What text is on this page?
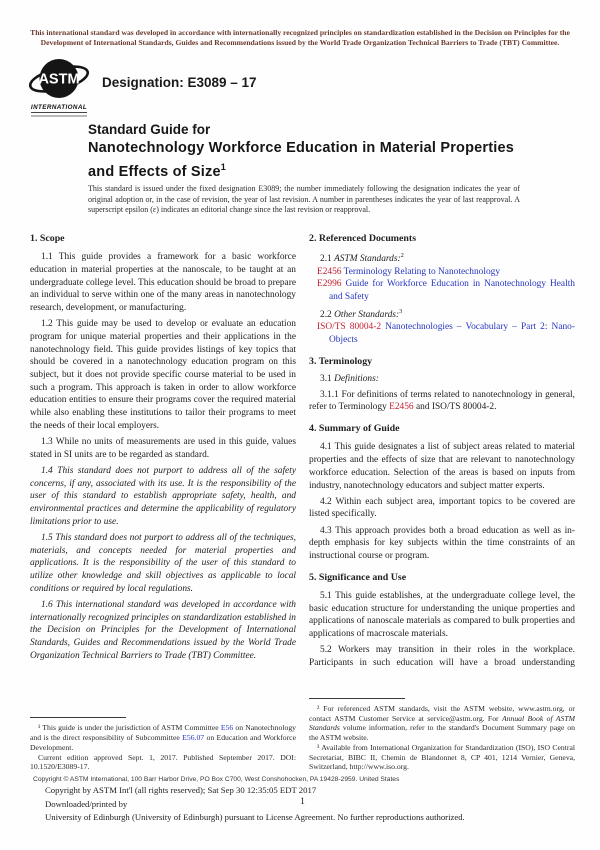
This international standard was developed in accordance with internationally recognized principles on standardization established in the Decision on Principles for the Development of International Standards, Guides and Recommendations issued by the World Trade Organization Technical Barriers to Trade (TBT) Committee.
ASTM
INTERNATIONAL
Designation: E3089 – 17
Standard Guide for
Nanotechnology Workforce Education in Material Properties and Effects of Size$^1$
This standard is issued under the fixed designation E3089; the number immediately following the designation indicates the year of original adoption or, in the case of revision, the year of last revision. A number in parentheses indicates the year of last reapproval. A superscript epsilon (ε) indicates an editorial change since the last revision or reapproval.
1. Scope
1.1 This guide provides a framework for a basic workforce education in material properties at the nanoscale, to be taught at an undergraduate college level. This education should be broad to prepare an individual to serve within one of the many areas in nanotechnology research, development, or manufacturing.
1.2 This guide may be used to develop or evaluate an education program for unique material properties and their applications in the nanotechnology field. This guide provides listings of key topics that should be covered in a nanotechnology education program on this subject, but it does not provide specific course material to be used in such a program. This approach is taken in order to allow workforce education entities to ensure their programs cover the required material while also enabling these institutions to tailor their programs to meet the needs of their local employers.
1.3 While no units of measurements are used in this guide, values stated in SI units are to be regarded as standard.
1.4 This standard does not purport to address all of the safety concerns, if any, associated with its use. It is the responsibility of the user of this standard to establish appropriate safety, health, and environmental practices and determine the applicability of regulatory limitations prior to use.
1.5 This standard does not purport to address all of the techniques, materials, and concepts needed for material properties and applications. It is the responsibility of the user of this standard to utilize other knowledge and skill objectives as applicable to local conditions or required by local regulations.
1.6 This international standard was developed in accordance with internationally recognized principles on standardization established in the Decision on Principles for the Development of International Standards, Guides and Recommendations issued by the World Trade Organization Technical Barriers to Trade (TBT) Committee.
¹ This guide is under the jurisdiction of ASTM Committee E56 on Nanotechnology and is the direct responsibility of Subcommittee E56.07 on Education and Workforce Development.
Current edition approved Sept. 1, 2017. Published September 2017. DOI: 10.1520/E3089-17.
2. Referenced Documents
2.1 ASTM Standards:$^2$
E2456 Terminology Relating to Nanotechnology
E2996 Guide for Workforce Education in Nanotechnology Health and Safety
2.2 Other Standards:$^3$
ISO/TS 80004-2 Nanotechnologies – Vocabulary – Part 2: Nano-Objects
3. Terminology
3.1 Definitions:
3.1.1 For definitions of terms related to nanotechnology in general, refer to Terminology E2456 and ISO/TS 80004-2.
4. Summary of Guide
4.1 This guide designates a list of subject areas related to material properties and the effects of size that are relevant to nanotechnology workforce education. Selection of the areas is based on inputs from industry, nanotechnology educators and subject matter experts.
4.2 Within each subject area, important topics to be covered are listed specifically.
4.3 This approach provides both a broad education as well as in-depth emphasis for key subjects within the time constraints of an instructional course or program.
5. Significance and Use
5.1 This guide establishes, at the undergraduate college level, the basic education structure for understanding the unique properties and applications of nanoscale materials as compared to bulk properties and applications of macroscale materials.
5.2 Workers may transition in their roles in the workplace. Participants in such education will have a broad understanding
² For referenced ASTM standards, visit the ASTM website, www.astm.org, or contact ASTM Customer Service at service@astm.org. For Annual Book of ASTM Standards volume information, refer to the standard's Document Summary page on the ASTM website.
³ Available from International Organization for Standardization (ISO), ISO Central Secretariat, BIBC II, Chemin de Blandonnet 8, CP 401, 1214 Vernier, Geneva, Switzerland, http://www.iso.org.
Copyright © ASTM International, 100 Barr Harbor Drive, PO Box C700, West Conshohocken, PA 19428-2959. United States
Copyright by ASTM Int'l (all rights reserved); Sat Sep 30 12:35:05 EDT 2017
Downloaded/printed by
University of Edinburgh (University of Edinburgh) pursuant to License Agreement. No further reproductions authorized.
1
